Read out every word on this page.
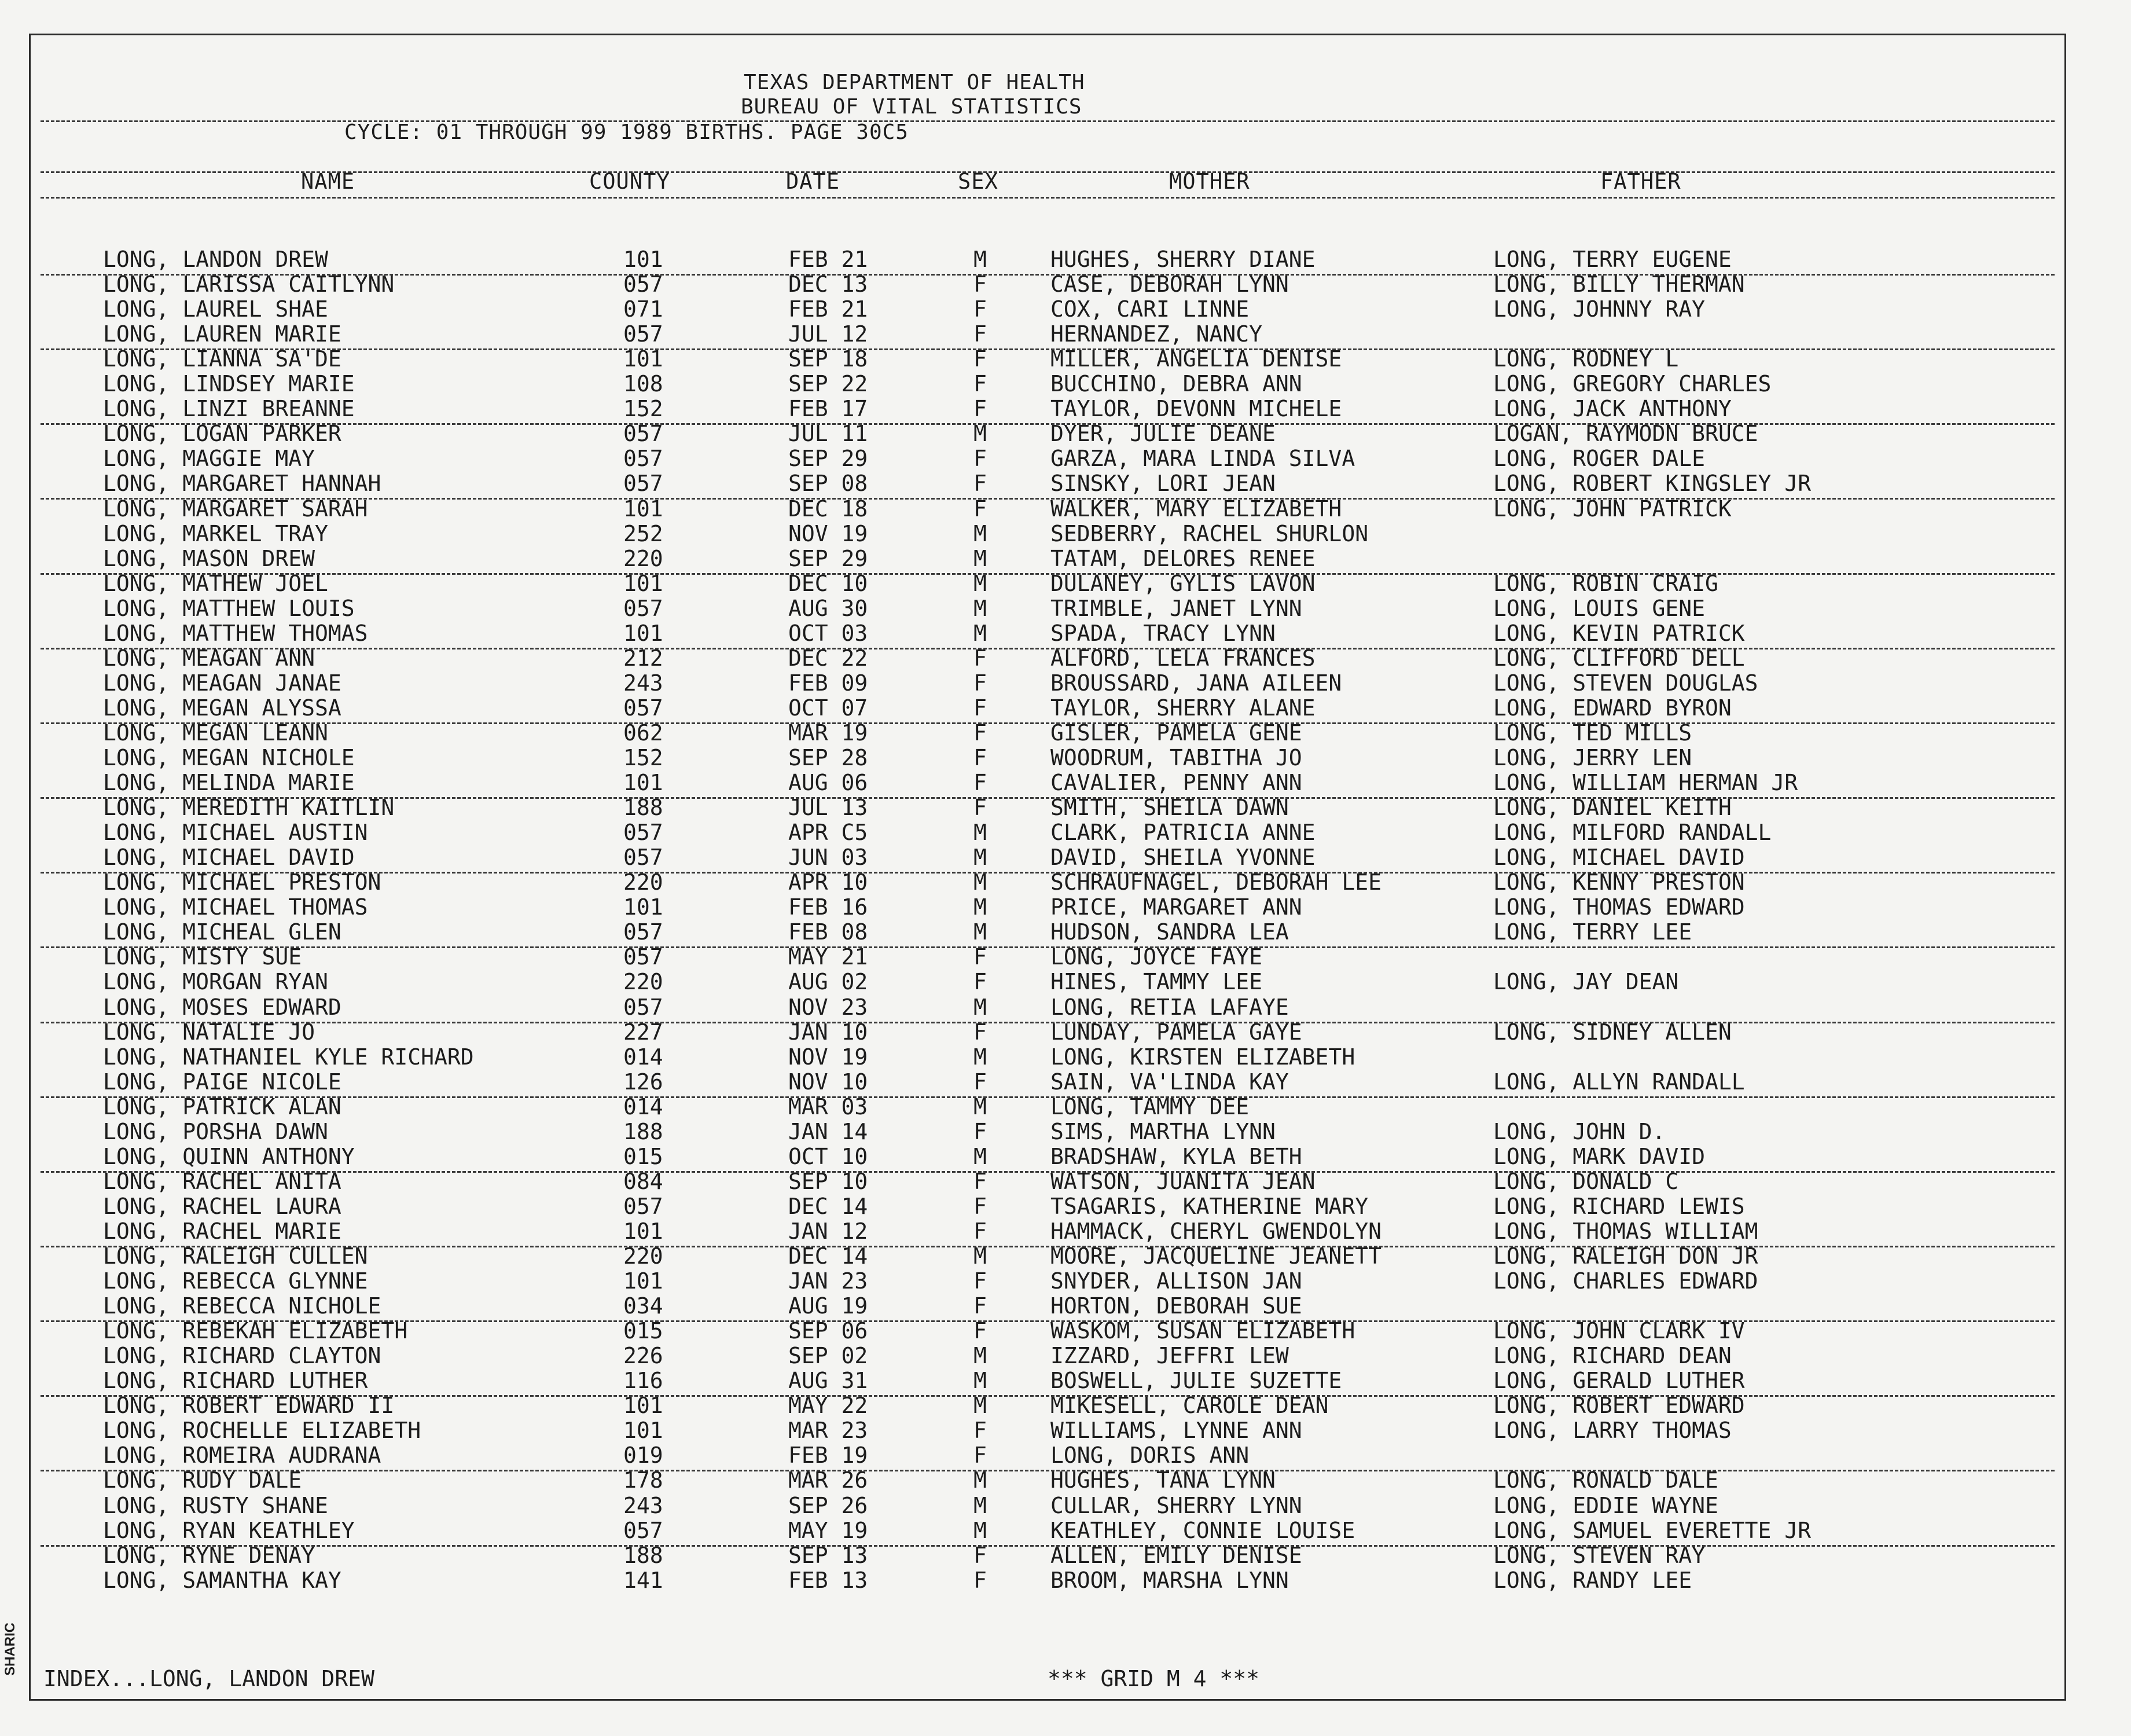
TEXAS DEPARTMENT OF HEALTH
BUREAU OF VITAL STATISTICS
CYCLE: 01 THROUGH 99 1989 BIRTHS. PAGE 30C5
NAME	COUNTY	DATE	SEX	MOTHER	FATHER
LONG, LANDON DREW	101	FEB 21	M	HUGHES, SHERRY DIANE	LONG, TERRY EUGENE
LONG, LARISSA CAITLYNN	057	DEC 13	F	CASE, DEBORAH LYNN	LONG, BILLY THERMAN
LONG, LAUREL SHAE	071	FEB 21	F	COX, CARI LINNE	LONG, JOHNNY RAY
LONG, LAUREN MARIE	057	JUL 12	F	HERNANDEZ, NANCY
LONG, LIANNA SA'DE	101	SEP 18	F	MILLER, ANGELIA DENISE	LONG, RODNEY L
LONG, LINDSEY MARIE	108	SEP 22	F	BUCCHINO, DEBRA ANN	LONG, GREGORY CHARLES
LONG, LINZI BREANNE	152	FEB 17	F	TAYLOR, DEVONN MICHELE	LONG, JACK ANTHONY
LONG, LOGAN PARKER	057	JUL 11	M	DYER, JULIE DEANE	LOGAN, RAYMODN BRUCE
LONG, MAGGIE MAY	057	SEP 29	F	GARZA, MARA LINDA SILVA	LONG, ROGER DALE
LONG, MARGARET HANNAH	057	SEP 08	F	SINSKY, LORI JEAN	LONG, ROBERT KINGSLEY JR
LONG, MARGARET SARAH	101	DEC 18	F	WALKER, MARY ELIZABETH	LONG, JOHN PATRICK
LONG, MARKEL TRAY	252	NOV 19	M	SEDBERRY, RACHEL SHURLON
LONG, MASON DREW	220	SEP 29	M	TATAM, DELORES RENEE
LONG, MATHEW JOEL	101	DEC 10	M	DULANEY, GYLIS LAVON	LONG, ROBIN CRAIG
LONG, MATTHEW LOUIS	057	AUG 30	M	TRIMBLE, JANET LYNN	LONG, LOUIS GENE
LONG, MATTHEW THOMAS	101	OCT 03	M	SPADA, TRACY LYNN	LONG, KEVIN PATRICK
LONG, MEAGAN ANN	212	DEC 22	F	ALFORD, LELA FRANCES	LONG, CLIFFORD DELL
LONG, MEAGAN JANAE	243	FEB 09	F	BROUSSARD, JANA AILEEN	LONG, STEVEN DOUGLAS
LONG, MEGAN ALYSSA	057	OCT 07	F	TAYLOR, SHERRY ALANE	LONG, EDWARD BYRON
LONG, MEGAN LEANN	062	MAR 19	F	GISLER, PAMELA GENE	LONG, TED MILLS
LONG, MEGAN NICHOLE	152	SEP 28	F	WOODRUM, TABITHA JO	LONG, JERRY LEN
LONG, MELINDA MARIE	101	AUG 06	F	CAVALIER, PENNY ANN	LONG, WILLIAM HERMAN JR
LONG, MEREDITH KAITLIN	188	JUL 13	F	SMITH, SHEILA DAWN	LONG, DANIEL KEITH
LONG, MICHAEL AUSTIN	057	APR C5	M	CLARK, PATRICIA ANNE	LONG, MILFORD RANDALL
LONG, MICHAEL DAVID	057	JUN 03	M	DAVID, SHEILA YVONNE	LONG, MICHAEL DAVID
LONG, MICHAEL PRESTON	220	APR 10	M	SCHRAUFNAGEL, DEBORAH LEE	LONG, KENNY PRESTON
LONG, MICHAEL THOMAS	101	FEB 16	M	PRICE, MARGARET ANN	LONG, THOMAS EDWARD
LONG, MICHEAL GLEN	057	FEB 08	M	HUDSON, SANDRA LEA	LONG, TERRY LEE
LONG, MISTY SUE	057	MAY 21	F	LONG, JOYCE FAYE
LONG, MORGAN RYAN	220	AUG 02	F	HINES, TAMMY LEE	LONG, JAY DEAN
LONG, MOSES EDWARD	057	NOV 23	M	LONG, RETIA LAFAYE
LONG, NATALIE JO	227	JAN 10	F	LUNDAY, PAMELA GAYE	LONG, SIDNEY ALLEN
LONG, NATHANIEL KYLE RICHARD	014	NOV 19	M	LONG, KIRSTEN ELIZABETH
LONG, PAIGE NICOLE	126	NOV 10	F	SAIN, VA'LINDA KAY	LONG, ALLYN RANDALL
LONG, PATRICK ALAN	014	MAR 03	M	LONG, TAMMY DEE
LONG, PORSHA DAWN	188	JAN 14	F	SIMS, MARTHA LYNN	LONG, JOHN D.
LONG, QUINN ANTHONY	015	OCT 10	M	BRADSHAW, KYLA BETH	LONG, MARK DAVID
LONG, RACHEL ANITA	084	SEP 10	F	WATSON, JUANITA JEAN	LONG, DONALD C
LONG, RACHEL LAURA	057	DEC 14	F	TSAGARIS, KATHERINE MARY	LONG, RICHARD LEWIS
LONG, RACHEL MARIE	101	JAN 12	F	HAMMACK, CHERYL GWENDOLYN	LONG, THOMAS WILLIAM
LONG, RALEIGH CULLEN	220	DEC 14	M	MOORE, JACQUELINE JEANETT	LONG, RALEIGH DON JR
LONG, REBECCA GLYNNE	101	JAN 23	F	SNYDER, ALLISON JAN	LONG, CHARLES EDWARD
LONG, REBECCA NICHOLE	034	AUG 19	F	HORTON, DEBORAH SUE
LONG, REBEKAH ELIZABETH	015	SEP 06	F	WASKOM, SUSAN ELIZABETH	LONG, JOHN CLARK IV
LONG, RICHARD CLAYTON	226	SEP 02	M	IZZARD, JEFFRI LEW	LONG, RICHARD DEAN
LONG, RICHARD LUTHER	116	AUG 31	M	BOSWELL, JULIE SUZETTE	LONG, GERALD LUTHER
LONG, ROBERT EDWARD II	101	MAY 22	M	MIKESELL, CAROLE DEAN	LONG, ROBERT EDWARD
LONG, ROCHELLE ELIZABETH	101	MAR 23	F	WILLIAMS, LYNNE ANN	LONG, LARRY THOMAS
LONG, ROMEIRA AUDRANA	019	FEB 19	F	LONG, DORIS ANN
LONG, RUDY DALE	178	MAR 26	M	HUGHES, TANA LYNN	LONG, RONALD DALE
LONG, RUSTY SHANE	243	SEP 26	M	CULLAR, SHERRY LYNN	LONG, EDDIE WAYNE
LONG, RYAN KEATHLEY	057	MAY 19	M	KEATHLEY, CONNIE LOUISE	LONG, SAMUEL EVERETTE JR
LONG, RYNE DENAY	188	SEP 13	F	ALLEN, EMILY DENISE	LONG, STEVEN RAY
LONG, SAMANTHA KAY	141	FEB 13	F	BROOM, MARSHA LYNN	LONG, RANDY LEE
INDEX...LONG, LANDON DREW	*** GRID M 4 ***
SHARIC
